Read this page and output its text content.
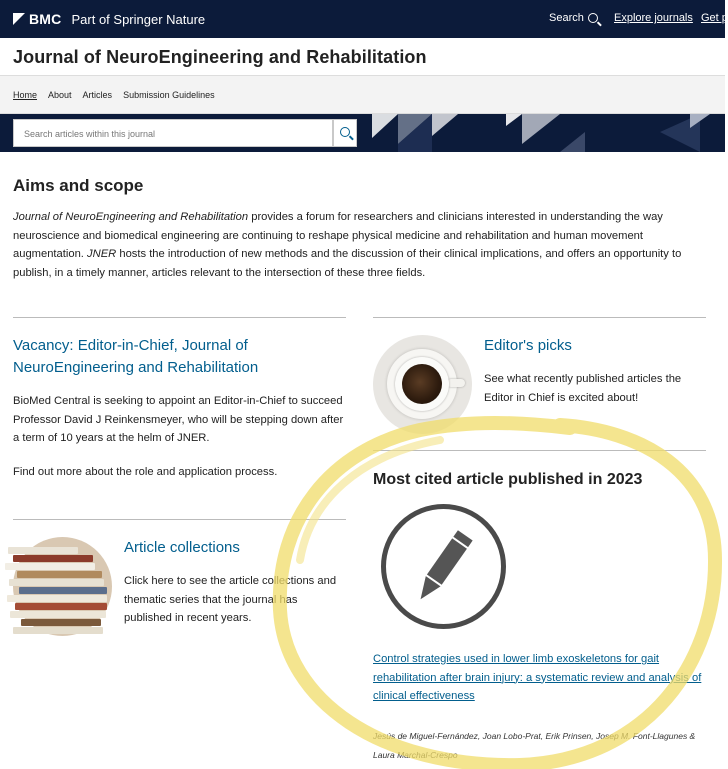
BMC Part of Springer Nature	Search	Explore journals Get p
Journal of NeuroEngineering and Rehabilitation
Home About Articles Submission Guidelines
Search articles within this journal
Aims and scope

Journal of NeuroEngineering and Rehabilitation provides a forum for researchers and clinicians interested in understanding the way neuroscience and biomedical engineering are continuing to reshape physical medicine and rehabilitation and human movement augmentation. JNER hosts the introduction of new methods and the discussion of their clinical implications, and offers an opportunity to publish, in a timely manner, articles relevant to the intersection of these three fields.

Vacancy: Editor-in-Chief, Journal of NeuroEngineering and Rehabilitation

BioMed Central is seeking to appoint an Editor-in-Chief to succeed Professor David J Reinkensmeyer, who will be stepping down after a term of 10 years at the helm of JNER.

Find out more about the role and application process.

Article collections

Click here to see the article collections and thematic series that the journal has published in recent years.

Editor's picks

See what recently published articles the Editor in Chief is excited about!

Most cited article published in 2023
Control strategies used in lower limb exoskeletons for gait rehabilitation after brain injury: a systematic review and analysis of clinical effectiveness

Jesús de Miguel-Fernández, Joan Lobo-Prat, Erik Prinsen, Josep M. Font-Llagunes & Laura Marchal-Crespo
